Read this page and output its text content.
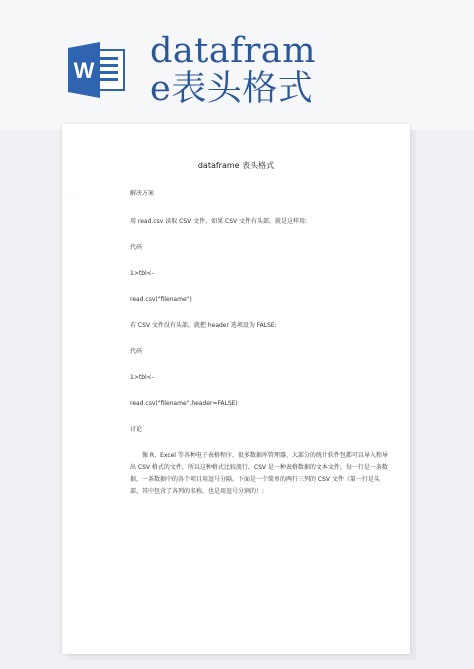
W datafram
e表头格式
dataframe 表头格式

解决方案

用 read.csv 读取 CSV 文件。如果 CSV 文件有头部，就是这样用:

代码

1>tbl<-

read.csv("filename")

若 CSV 文件没有头部，就把 header 选项设为 FALSE:

代码

1>tbl<-

read.csv("filename",header=FALSE)

讨论

像 R、Excel 等各种电子表格程序、很多数据库管理器、大部分的统计软件包都可以导入和导出 CSV 格式的文件，所以这种格式比较流行。CSV 是一种表格数据的文本文件，每一行是一条数据，一条数据中的各个项目用逗号分隔。下面是一个简单的两行三列的 CSV 文件（第一行是头部，其中包含了各列的名称，也是用逗号分割的）:

———
